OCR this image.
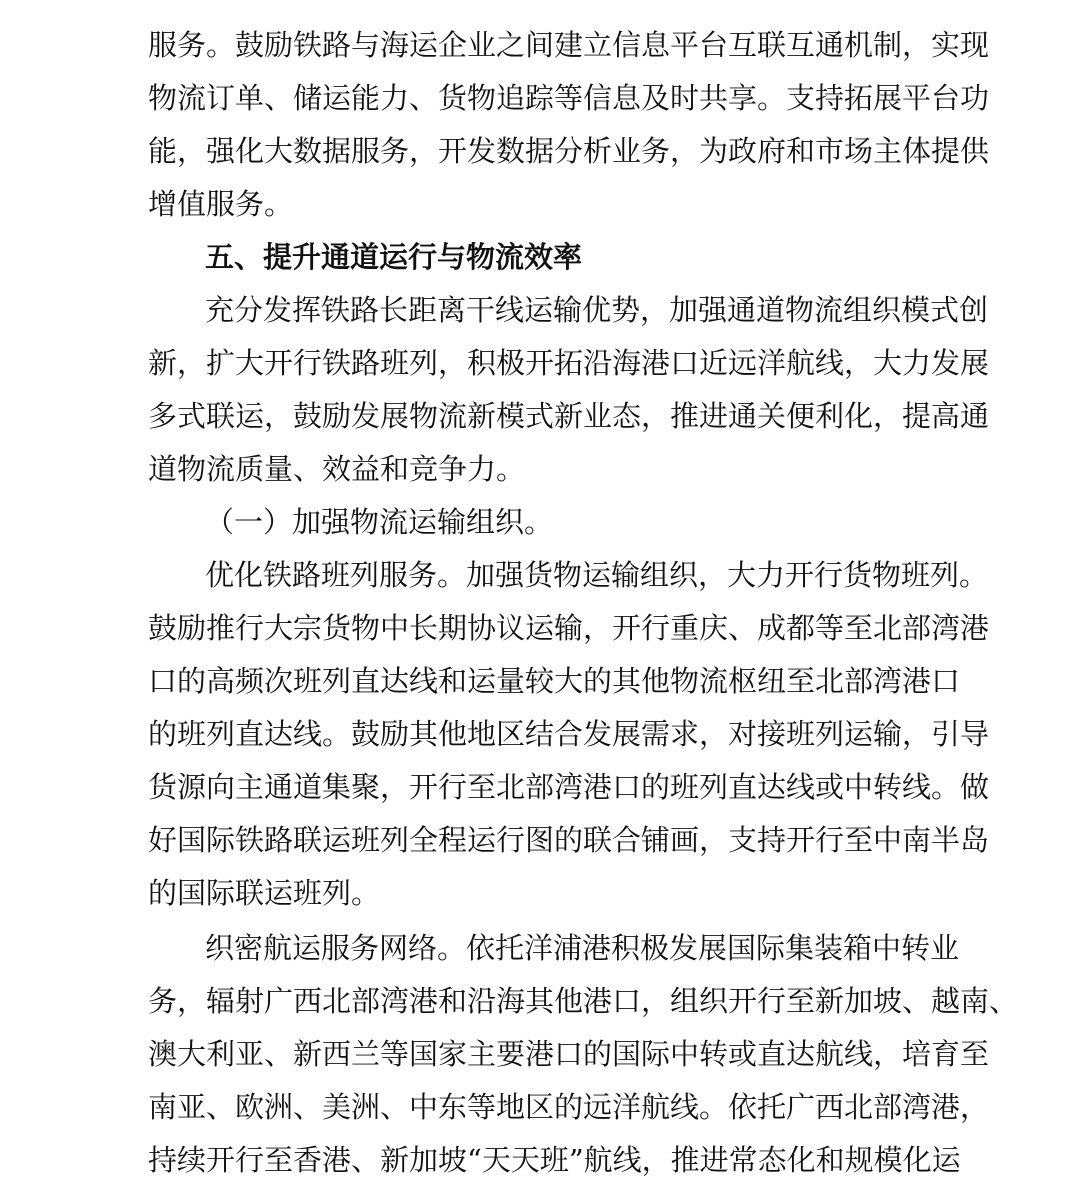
服务。鼓励铁路与海运企业之间建立信息平台互联互通机制，实现
物流订单、储运能力、货物追踪等信息及时共享。支持拓展平台功
能，强化大数据服务，开发数据分析业务，为政府和市场主体提供
增值服务。
五、提升通道运行与物流效率
充分发挥铁路长距离干线运输优势，加强通道物流组织模式创
新，扩大开行铁路班列，积极开拓沿海港口近远洋航线，大力发展
多式联运，鼓励发展物流新模式新业态，推进通关便利化，提高通
道物流质量、效益和竞争力。
（一）加强物流运输组织。
优化铁路班列服务。加强货物运输组织，大力开行货物班列。
鼓励推行大宗货物中长期协议运输，开行重庆、成都等至北部湾港
口的高频次班列直达线和运量较大的其他物流枢纽至北部湾港口
的班列直达线。鼓励其他地区结合发展需求，对接班列运输，引导
货源向主通道集聚，开行至北部湾港口的班列直达线或中转线。做
好国际铁路联运班列全程运行图的联合铺画，支持开行至中南半岛
的国际联运班列。
织密航运服务网络。依托洋浦港积极发展国际集装箱中转业
务，辐射广西北部湾港和沿海其他港口，组织开行至新加坡、越南、
澳大利亚、新西兰等国家主要港口的国际中转或直达航线，培育至
南亚、欧洲、美洲、中东等地区的远洋航线。依托广西北部湾港，
持续开行至香港、新加坡“天天班”航线，推进常态化和规模化运
